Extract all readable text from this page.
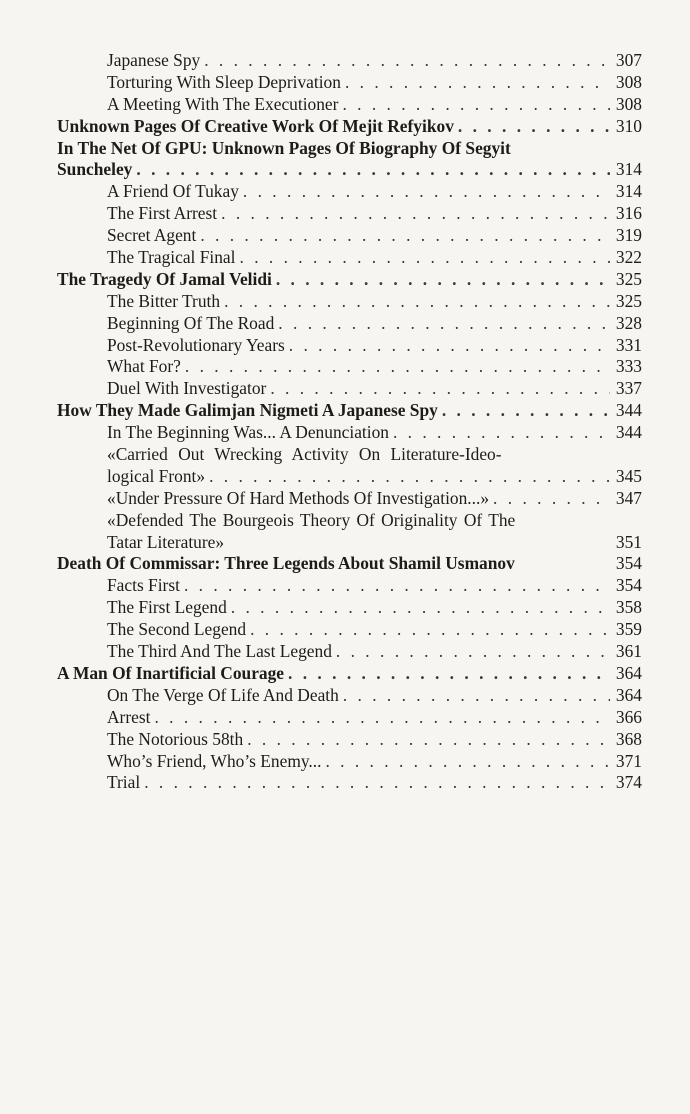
Japanese Spy . . .	307
Torturing With Sleep Deprivation . . .	308
A Meeting With The Executioner . . .	308
Unknown Pages Of Creative Work Of Mejit Refyikov . . .	310
In The Net Of GPU: Unknown Pages Of Biography Of Segyit
Suncheley . . .	314
A Friend Of Tukay . . .	314
The First Arrest . . .	316
Secret Agent . . .	319
The Tragical Final . . .	322
The Tragedy Of Jamal Velidi . . .	325
The Bitter Truth . . .	325
Beginning Of The Road . . .	328
Post-Revolutionary Years . . .	331
What For? . . .	333
Duel With Investigator . . .	337
How They Made Galimjan Nigmeti A Japanese Spy . . .	344
In The Beginning Was... A Denunciation . . .	344
«Carried Out Wrecking Activity On Literature-Ideo-
logical Front» . . .	345
«Under Pressure Of Hard Methods Of Investigation...» . . .	347
«Defended The Bourgeois Theory Of Originality Of The
Tatar Literature»	351
Death Of Commissar: Three Legends About Shamil Usmanov	354
Facts First . . .	354
The First Legend . . .	358
The Second Legend . . .	359
The Third And The Last Legend . . .	361
A Man Of Inartificial Courage . . .	364
On The Verge Of Life And Death . . .	364
Arrest . . .	366
The Notorious 58th . . .	368
Who’s Friend, Who’s Enemy... . . .	371
Trial . . .	374
